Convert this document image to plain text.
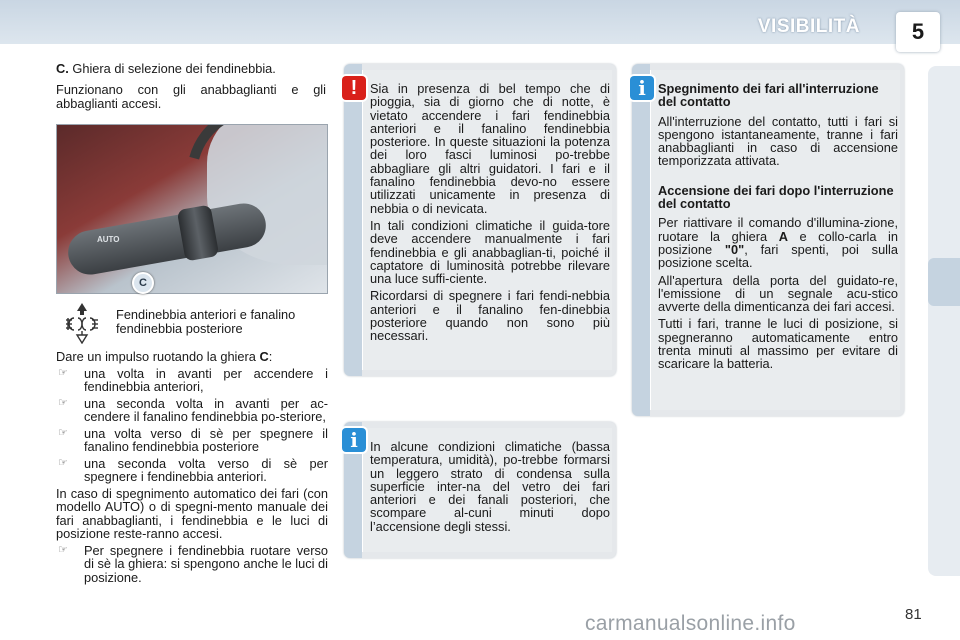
VISIBILITÀ	5

C. Ghiera di selezione dei fendinebbia.

Funzionano con gli anabbaglianti e gli abbaglianti accesi.

AUTO
C
Fendinebbia anteriori e fanalino fendinebbia posteriore

Dare un impulso ruotando la ghiera C:

☞	una volta in avanti per accendere i fendinebbia anteriori,
☞	una seconda volta in avanti per ac-cendere il fanalino fendinebbia po-steriore,
☞	una volta verso di sè per spegnere il fanalino fendinebbia posteriore
☞	una seconda volta verso di sè per spegnere i fendinebbia anteriori.

In caso di spegnimento automatico dei fari (con modello AUTO) o di spegni-mento manuale dei fari anabbaglianti, i fendinebbia e le luci di posizione reste-ranno accesi.

☞	Per spegnere i fendinebbia ruotare verso di sè la ghiera: si spengono anche le luci di posizione.
! Sia in presenza di bel tempo che di pioggia, sia di giorno che di notte, è vietato accendere i fari fendinebbia anteriori e il fanalino fendinebbia posteriore. In queste situazioni la potenza dei loro fasci luminosi po-trebbe abbagliare gli altri guidatori. I fari e il fanalino fendinebbia devo-no essere utilizzati unicamente in presenza di nebbia o di nevicata.

In tali condizioni climatiche il guida-tore deve accendere manualmente i fari fendinebbia e gli anabbaglian-ti, poiché il captatore di luminosità potrebbe rilevare una luce suffi-ciente.

Ricordarsi di spegnere i fari fendi-nebbia anteriori e il fanalino fen-dinebbia posteriore quando non sono più necessari.

i In alcune condizioni climatiche (bassa temperatura, umidità), po-trebbe formarsi un leggero strato di condensa sulla superficie inter-na del vetro dei fari anteriori e dei fanali posteriori, che scompare al-cuni minuti dopo l’accensione degli stessi.

i Spegnimento dei fari all'interruzione del contatto

All'interruzione del contatto, tutti i fari si spengono istantaneamente, tranne i fari anabbaglianti in caso di accensione temporizzata attivata.

Accensione dei fari dopo l'interruzione del contatto

Per riattivare il comando d'illumina-zione, ruotare la ghiera A e collo-carla in posizione "0", fari spenti, poi sulla posizione scelta.

All'apertura della porta del guidato-re, l'emissione di un segnale acu-stico avverte della dimenticanza dei fari accesi.

Tutti i fari, tranne le luci di posizione, si spegneranno automaticamente entro trenta minuti al massimo per evitare di scaricare la batteria.

carmanualsonline.info	81
